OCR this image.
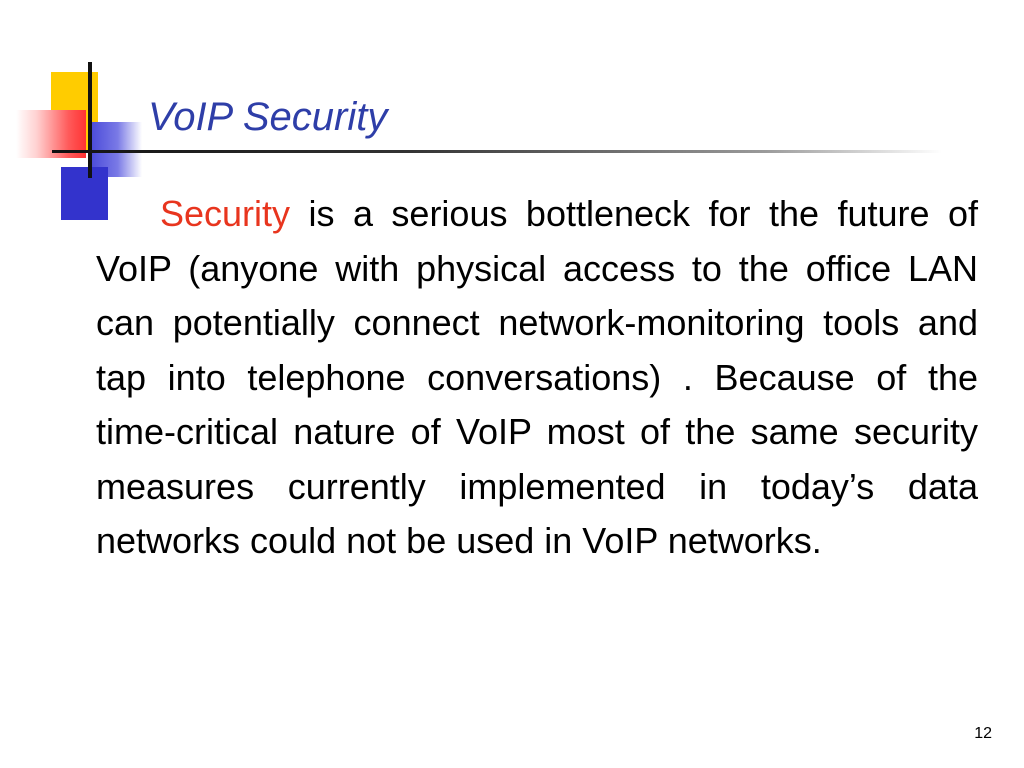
VoIP Security

Security is a serious bottleneck for the future of VoIP (anyone with physical access to the office LAN can potentially connect network-monitoring tools and tap into telephone conversations) . Because of the time-critical nature of VoIP most of the same security measures currently implemented in today’s data networks could not be used in VoIP networks.

12
